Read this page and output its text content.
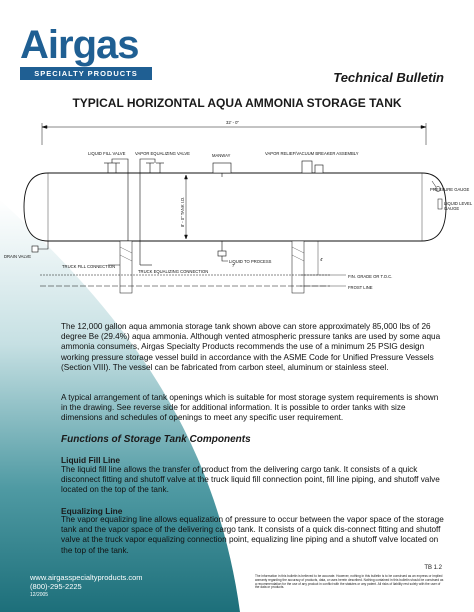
Airgas
SPECIALTY PRODUCTS	Technical Bulletin
TYPICAL HORIZONTAL AQUA AMMONIA STORAGE TANK
32' - 0"
8' - 0" TANK I.D.
LIQUID FILL VALVE VAPOR EQUALIZING VALVE	MANWAY	VAPOR RELIEF/VACUUM BREAKER ASSEMBLY
PRESSURE GAUGE
LIQUID LEVEL
GAUGE
FIN. GRADE OR T.O.C.
FROST LINE
4'
7'
DRAIN VALVE
TRUCK FILL CONNECTION
TRUCK EQUALIZING CONNECTION
LIQUID TO PROCESS
The 12,000 gallon aqua ammonia storage tank shown above can store approximately 85,000 lbs of 26 degree Be (29.4%) aqua ammonia. Although vented atmospheric pressure tanks are used by some aqua ammonia consumers, Airgas Specialty Products recommends the use of a minimum 25 PSIG design working pressure storage vessel build in accordance with the ASME Code for Unified Pressure Vessels (Section VIII). The vessel can be fabricated from carbon steel, aluminum or stainless steel.
A typical arrangement of tank openings which is suitable for most storage system requirements is shown in the drawing. See reverse side for additional information. It is possible to order tanks with size dimensions and schedules of openings to meet any specific user requirement.
Functions of Storage Tank Components
Liquid Fill Line
The liquid fill line allows the transfer of product from the delivering cargo tank. It consists of a quick disconnect fitting and shutoff valve at the truck liquid fill connection point, fill line piping, and shutoff valve located on the top of the tank.
Equalizing Line
The vapor equalizing line allows equalization of pressure to occur between the vapor space of the storage tank and the vapor space of the delivering cargo tank. It consists of a quick dis-connect fitting and shutoff valve at the truck vapor equalizing connection point, equalizing line piping and a shutoff valve located on the top of the tank.
www.airgasspecialtyproducts.com
(800)-295-2225
12/2005
TB 1.2
The information in this bulletin is believed to be accurate. However, nothing in this bulletin is to be construed as an express or implied warranty regarding the accuracy of products, data, or uses herein described. Nothing contained in this bulletin should be construed as a recommendation for the use of any product in conflict with the statutes or any patent. All risks of liability rest solely with the user of the data or products.
